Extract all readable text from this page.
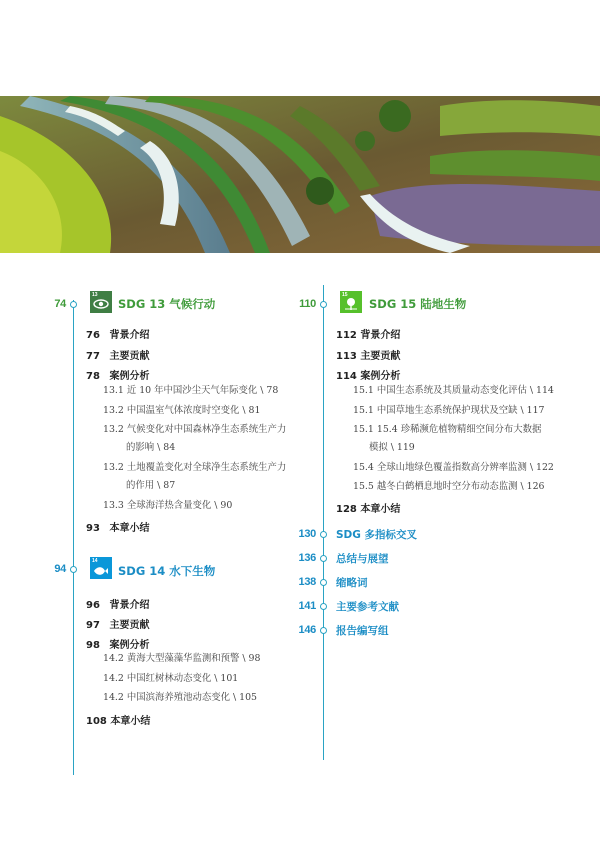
74
13
SDG 13 气候行动
76 背景介绍
77 主要贡献
78 案例分析
13.1 近 10 年中国沙尘天气年际变化 \ 78
13.2 中国温室气体浓度时空变化 \ 81
13.2 气候变化对中国森林净生态系统生产力
的影响 \ 84
13.2 土地覆盖变化对全球净生态系统生产力
的作用 \ 87
13.3 全球海洋热含量变化 \ 90
93 本章小结
94
14
SDG 14 水下生物
96 背景介绍
97 主要贡献
98 案例分析
14.2 黄海大型藻藻华监测和预警 \ 98
14.2 中国红树林动态变化 \ 101
14.2 中国滨海养殖池动态变化 \ 105
108 本章小结
110
15
SDG 15 陆地生物
112 背景介绍
113 主要贡献
114 案例分析
15.1 中国生态系统及其质量动态变化评估 \ 114
15.1 中国草地生态系统保护现状及空缺 \ 117
15.1 15.4 珍稀濒危植物精细空间分布大数据
模拟 \ 119
15.4 全球山地绿色覆盖指数高分辨率监测 \ 122
15.5 越冬白鹤栖息地时空分布动态监测 \ 126
128 本章小结
130 SDG 多指标交叉
136 总结与展望
138 缩略词
141 主要参考文献
146 报告编写组
